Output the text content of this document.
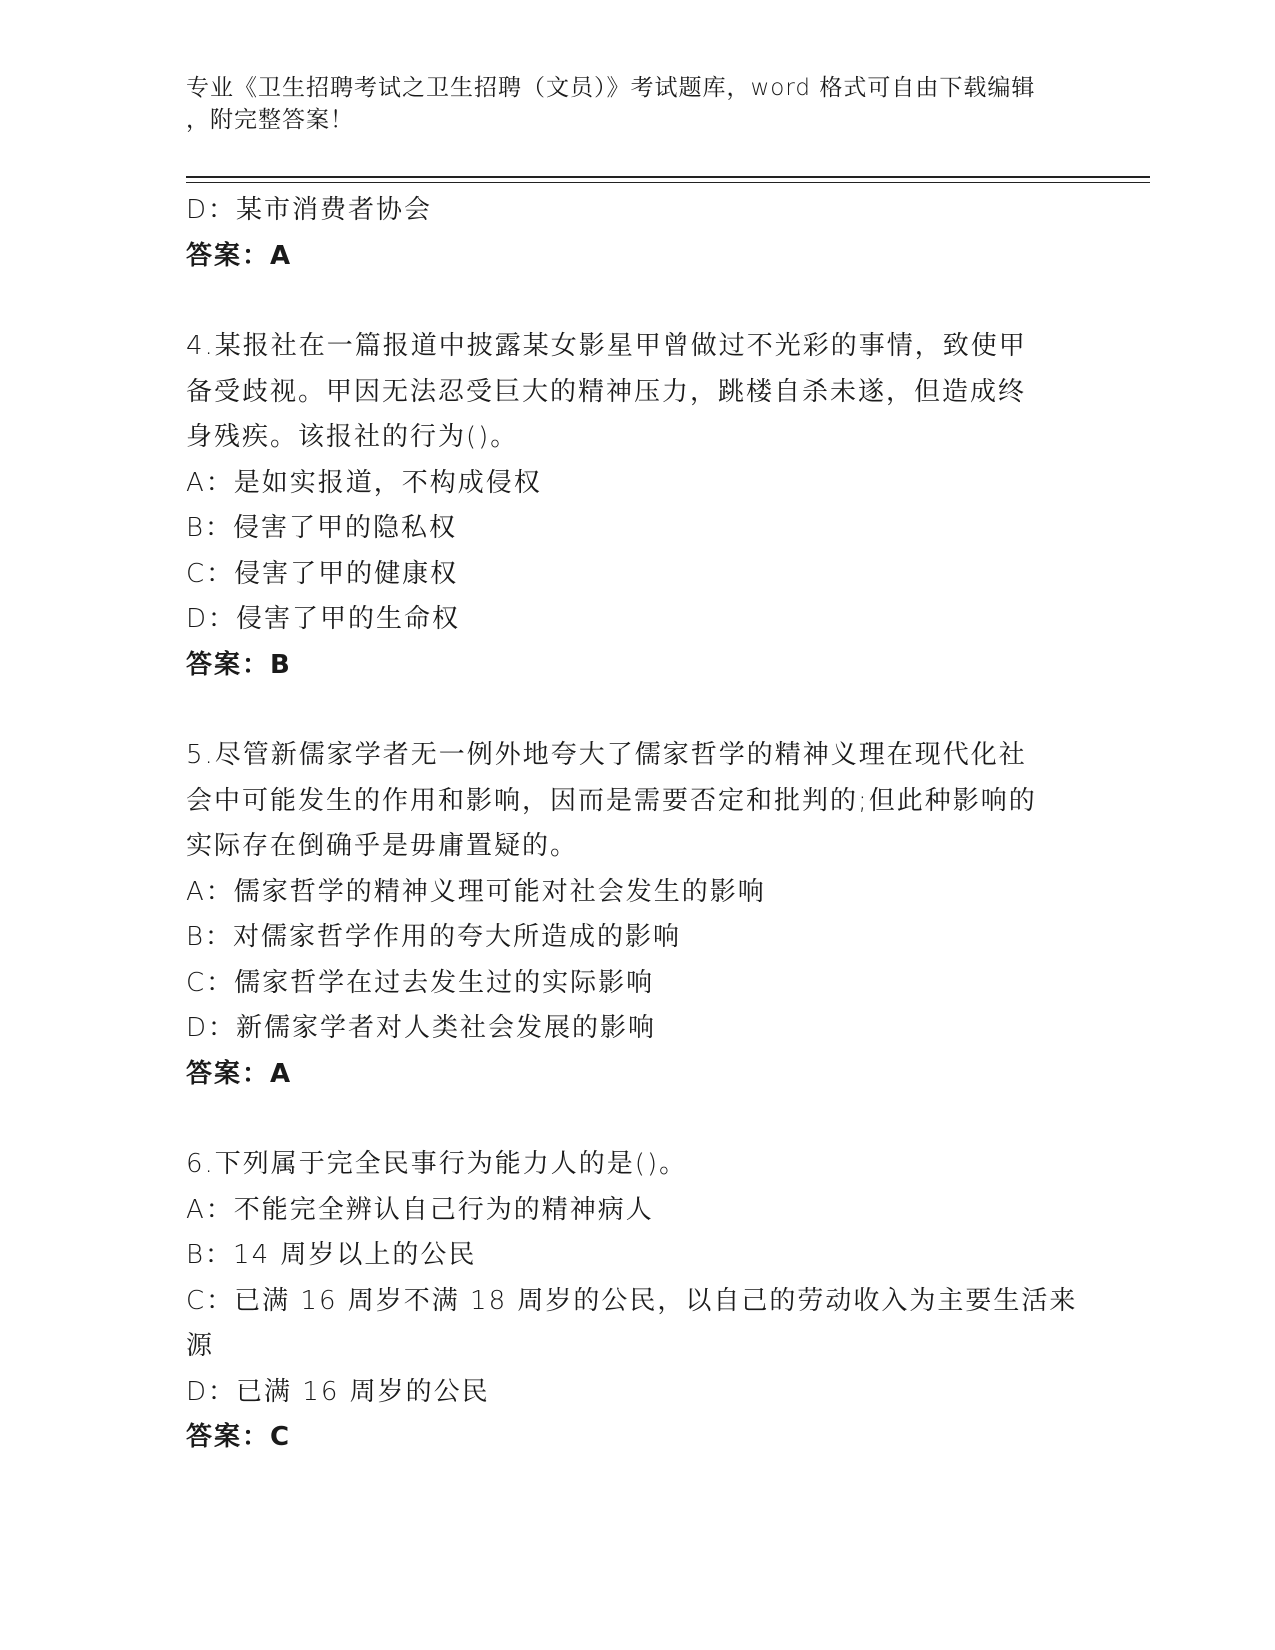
专业《卫生招聘考试之卫生招聘（文员）》考试题库，word 格式可自由下载编辑
，附完整答案！
D：某市消费者协会
答案：A
4.某报社在一篇报道中披露某女影星甲曾做过不光彩的事情，致使甲
备受歧视。甲因无法忍受巨大的精神压力，跳楼自杀未遂，但造成终
身残疾。该报社的行为()。
A：是如实报道，不构成侵权
B：侵害了甲的隐私权
C：侵害了甲的健康权
D：侵害了甲的生命权
答案：B
5.尽管新儒家学者无一例外地夸大了儒家哲学的精神义理在现代化社
会中可能发生的作用和影响，因而是需要否定和批判的;但此种影响的
实际存在倒确乎是毋庸置疑的。
A：儒家哲学的精神义理可能对社会发生的影响
B：对儒家哲学作用的夸大所造成的影响
C：儒家哲学在过去发生过的实际影响
D：新儒家学者对人类社会发展的影响
答案：A
6.下列属于完全民事行为能力人的是()。
A：不能完全辨认自己行为的精神病人
B：14 周岁以上的公民
C：已满 16 周岁不满 18 周岁的公民，以自己的劳动收入为主要生活来
源
D：已满 16 周岁的公民
答案：C
